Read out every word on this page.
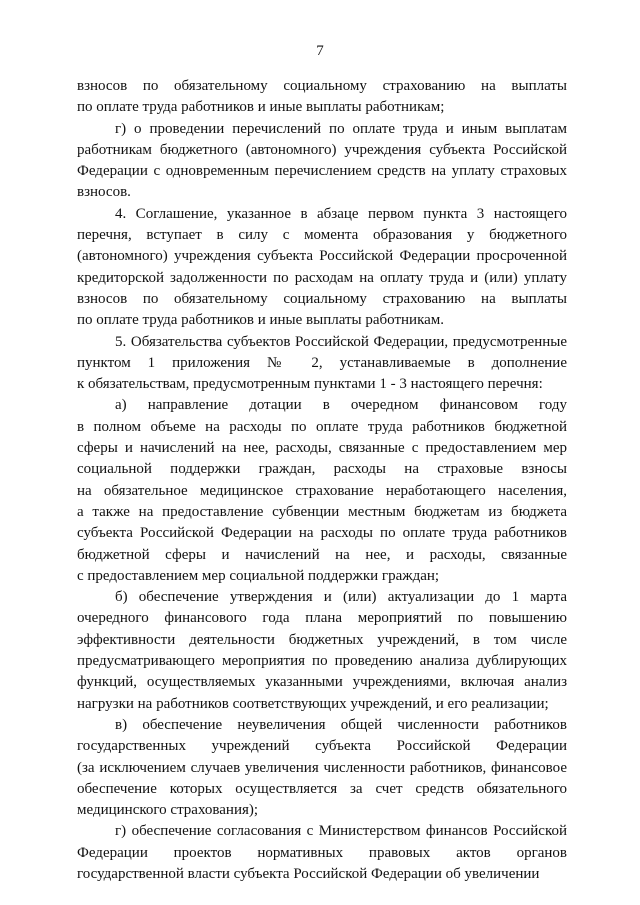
7
взносов по обязательному социальному страхованию на выплаты
по оплате труда работников и иные выплаты работникам;
г) о проведении перечислений по оплате труда и иным выплатам
работникам бюджетного (автономного) учреждения субъекта Российской
Федерации с одновременным перечислением средств на уплату страховых
взносов.
4. Соглашение, указанное в абзаце первом пункта 3 настоящего
перечня, вступает в силу с момента образования у бюджетного
(автономного) учреждения субъекта Российской Федерации просроченной
кредиторской задолженности по расходам на оплату труда и (или) уплату
взносов по обязательному социальному страхованию на выплаты
по оплате труда работников и иные выплаты работникам.
5. Обязательства субъектов Российской Федерации, предусмотренные
пунктом 1 приложения № 2, устанавливаемые в дополнение
к обязательствам, предусмотренным пунктами 1 - 3 настоящего перечня:
а) направление дотации в очередном финансовом году
в полном объеме на расходы по оплате труда работников бюджетной
сферы и начислений на нее, расходы, связанные с предоставлением мер
социальной поддержки граждан, расходы на страховые взносы
на обязательное медицинское страхование неработающего населения,
а также на предоставление субвенции местным бюджетам из бюджета
субъекта Российской Федерации на расходы по оплате труда работников
бюджетной сферы и начислений на нее, и расходы, связанные
с предоставлением мер социальной поддержки граждан;
б) обеспечение утверждения и (или) актуализации до 1 марта
очередного финансового года плана мероприятий по повышению
эффективности деятельности бюджетных учреждений, в том числе
предусматривающего мероприятия по проведению анализа дублирующих
функций, осуществляемых указанными учреждениями, включая анализ
нагрузки на работников соответствующих учреждений, и его реализации;
в) обеспечение неувеличения общей численности работников
государственных учреждений субъекта Российской Федерации
(за исключением случаев увеличения численности работников, финансовое
обеспечение которых осуществляется за счет средств обязательного
медицинского страхования);
г) обеспечение согласования с Министерством финансов Российской
Федерации проектов нормативных правовых актов органов
государственной власти субъекта Российской Федерации об увеличении
